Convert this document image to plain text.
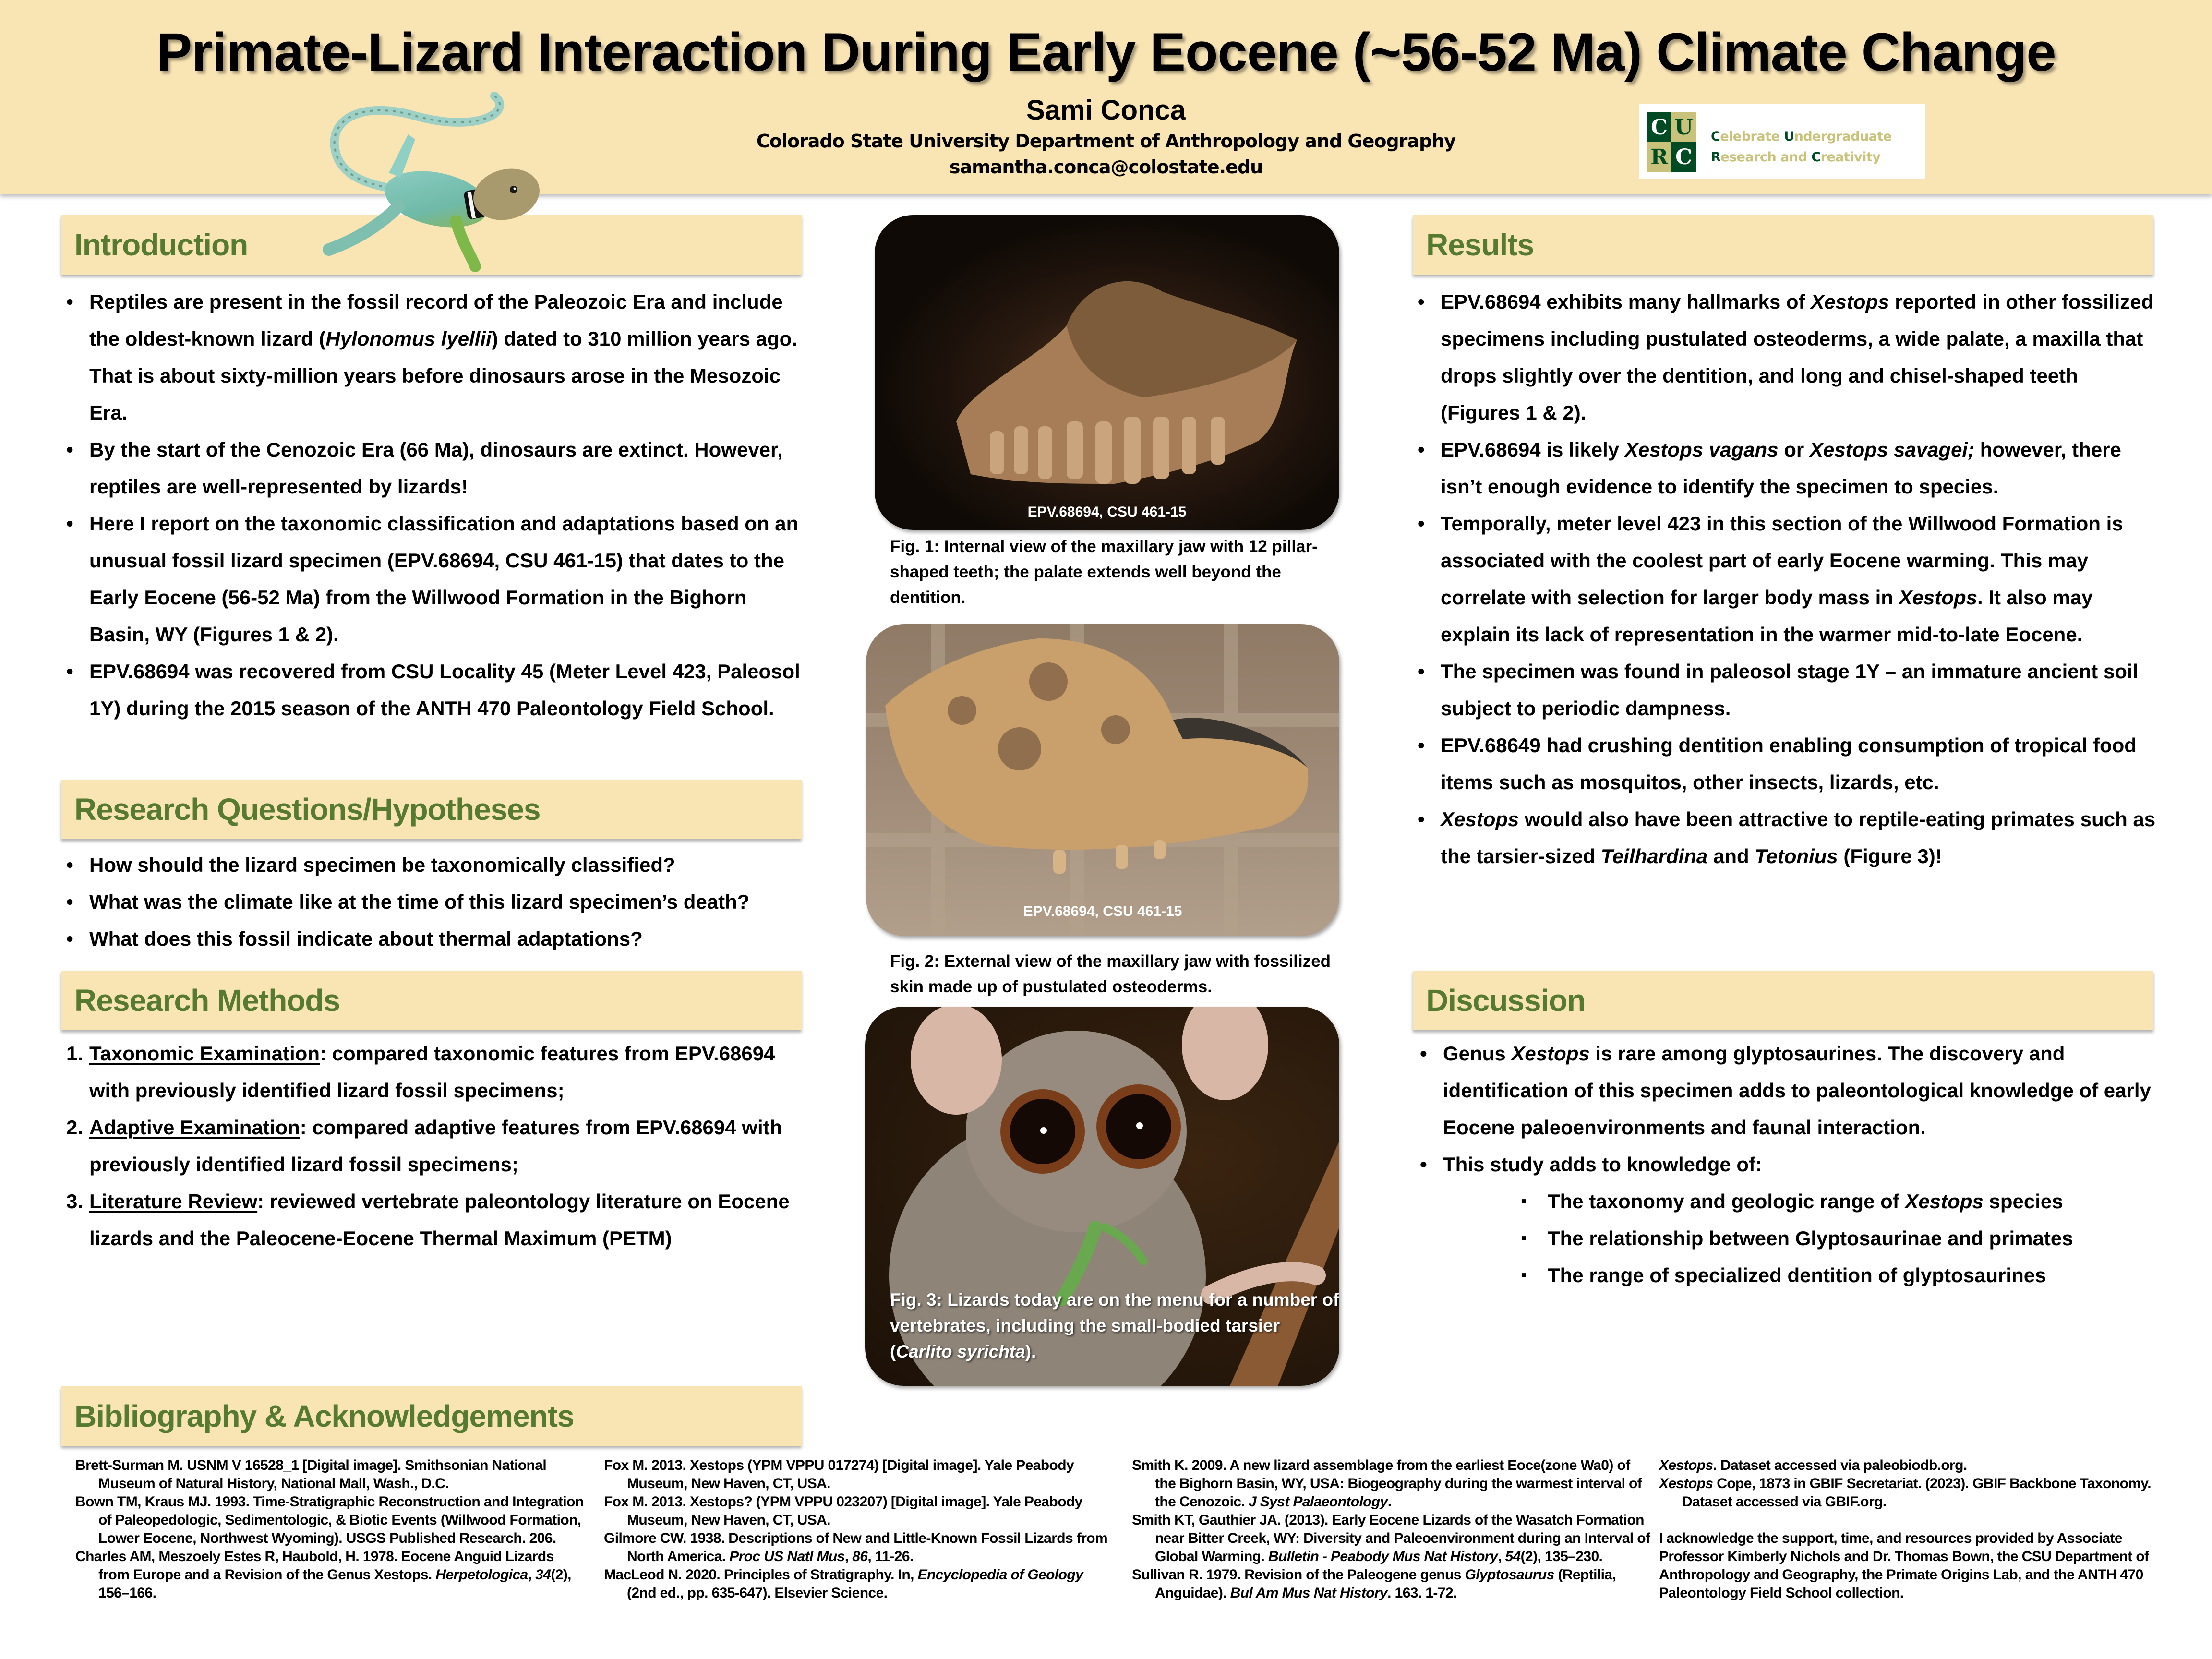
Primate-Lizard Interaction During Early Eocene (~56-52 Ma) Climate Change
Sami Conca
Colorado State University Department of Anthropology and Geography
samantha.conca@colostate.edu
C U
R C
Celebrate Undergraduate
Research and Creativity
Introduction
• Reptiles are present in the fossil record of the Paleozoic Era and include the oldest-known lizard (Hylonomus lyellii) dated to 310 million years ago. That is about sixty-million years before dinosaurs arose in the Mesozoic Era.
• By the start of the Cenozoic Era (66 Ma), dinosaurs are extinct. However, reptiles are well-represented by lizards!
• Here I report on the taxonomic classification and adaptations based on an unusual fossil lizard specimen (EPV.68694, CSU 461-15) that dates to the Early Eocene (56-52 Ma) from the Willwood Formation in the Bighorn Basin, WY (Figures 1 & 2).
• EPV.68694 was recovered from CSU Locality 45 (Meter Level 423, Paleosol 1Y) during the 2015 season of the ANTH 470 Paleontology Field School.
Research Questions/Hypotheses
• How should the lizard specimen be taxonomically classified?
• What was the climate like at the time of this lizard specimen’s death?
• What does this fossil indicate about thermal adaptations?
Research Methods
1. Taxonomic Examination: compared taxonomic features from EPV.68694 with previously identified lizard fossil specimens;
2. Adaptive Examination: compared adaptive features from EPV.68694 with previously identified lizard fossil specimens;
3. Literature Review: reviewed vertebrate paleontology literature on Eocene lizards and the Paleocene-Eocene Thermal Maximum (PETM)
EPV.68694, CSU 461-15
Fig. 1: Internal view of the maxillary jaw with 12 pillar-shaped teeth; the palate extends well beyond the dentition.
EPV.68694, CSU 461-15
Fig. 2: External view of the maxillary jaw with fossilized skin made up of pustulated osteoderms.
Fig. 3: Lizards today are on the menu for a number of vertebrates, including the small-bodied tarsier (Carlito syrichta).
Results
• EPV.68694 exhibits many hallmarks of Xestops reported in other fossilized specimens including pustulated osteoderms, a wide palate, a maxilla that drops slightly over the dentition, and long and chisel-shaped teeth (Figures 1 & 2).
• EPV.68694 is likely Xestops vagans or Xestops savagei; however, there isn’t enough evidence to identify the specimen to species.
• Temporally, meter level 423 in this section of the Willwood Formation is associated with the coolest part of early Eocene warming. This may correlate with selection for larger body mass in Xestops. It also may explain its lack of representation in the warmer mid-to-late Eocene.
• The specimen was found in paleosol stage 1Y – an immature ancient soil subject to periodic dampness.
• EPV.68649 had crushing dentition enabling consumption of tropical food items such as mosquitos, other insects, lizards, etc.
• Xestops would also have been attractive to reptile-eating primates such as the tarsier-sized Teilhardina and Tetonius (Figure 3)!
Discussion
• Genus Xestops is rare among glyptosaurines. The discovery and identification of this specimen adds to paleontological knowledge of early Eocene paleoenvironments and faunal interaction.
• This study adds to knowledge of:
▪ The taxonomy and geologic range of Xestops species
▪ The relationship between Glyptosaurinae and primates
▪ The range of specialized dentition of glyptosaurines
Bibliography & Acknowledgements

Brett-Surman M. USNM V 16528_1 [Digital image]. Smithsonian National Museum of Natural History, National Mall, Wash., D.C.

Bown TM, Kraus MJ. 1993. Time-Stratigraphic Reconstruction and Integration of Paleopedologic, Sedimentologic, & Biotic Events (Willwood Formation, Lower Eocene, Northwest Wyoming). USGS Published Research. 206.

Charles AM, Meszoely Estes R, Haubold, H. 1978. Eocene Anguid Lizards from Europe and a Revision of the Genus Xestops. Herpetologica, 34(2), 156–166.

Fox M. 2013. Xestops (YPM VPPU 017274) [Digital image]. Yale Peabody Museum, New Haven, CT, USA.

Fox M. 2013. Xestops? (YPM VPPU 023207) [Digital image]. Yale Peabody Museum, New Haven, CT, USA.

Gilmore CW. 1938. Descriptions of New and Little-Known Fossil Lizards from North America. Proc US Natl Mus, 86, 11-26.

MacLeod N. 2020. Principles of Stratigraphy. In, Encyclopedia of Geology (2nd ed., pp. 635-647). Elsevier Science.

Smith K. 2009. A new lizard assemblage from the earliest Eoce(zone Wa0) of the Bighorn Basin, WY, USA: Biogeography during the warmest interval of the Cenozoic. J Syst Palaeontology.

Smith KT, Gauthier JA. (2013). Early Eocene Lizards of the Wasatch Formation near Bitter Creek, WY: Diversity and Paleoenvironment during an Interval of Global Warming. Bulletin - Peabody Mus Nat History, 54(2), 135–230.

Sullivan R. 1979. Revision of the Paleogene genus Glyptosaurus (Reptilia, Anguidae). Bul Am Mus Nat History. 163. 1-72.

Xestops. Dataset accessed via paleobiodb.org.

Xestops Cope, 1873 in GBIF Secretariat. (2023). GBIF Backbone Taxonomy. Dataset accessed via GBIF.org.

I acknowledge the support, time, and resources provided by Associate Professor Kimberly Nichols and Dr. Thomas Bown, the CSU Department of Anthropology and Geography, the Primate Origins Lab, and the ANTH 470 Paleontology Field School collection.
